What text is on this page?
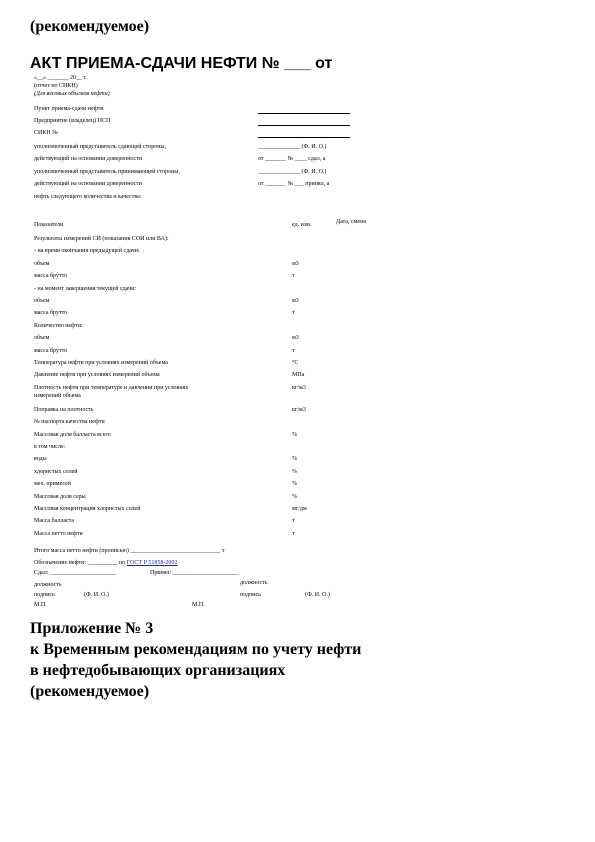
(рекомендуемое)
АКТ ПРИЕМА-СДАЧИ НЕФТИ № ___ от
«__» _______ 20__ г.
(отчет по СИКН)
(Для весовых объемов нефти)
Пункт приема-сдачи нефти
Предприятие (владелец) ПСП
СИКН №
уполномоченный представитель сдающей стороны,	______________ (Ф. И. О.)
действующий на основании доверенности	от _______ № ____ сдал, а
уполномоченный представитель принимающей стороны,	______________ (Ф. И. О.)
действующий на основании доверенности	от _______ № ___ принял, а
нефть следующего количества и качества:
Показатели	ед. изм.	Дата, смена
Результаты измерений СИ (показания СОИ или ВА):
- на время окончания предыдущей сдачи:
объем	м3
масса брутто	т
- на момент завершения текущей сдачи:
объем	м3
масса брутто	т
Количество нефти:
объем	м3
масса брутто	т
Температура нефти при условиях измерений объема	°С
Давление нефти при условиях измерений объема	МПа
Плотность нефти при температуре и давлении при условиях	кг/м3
измерений объема
Поправка на плотность	кг/м3
№ паспорта качества нефти
Массовая доля балласта всего	%
в том числе:
воды	%
хлористых солей	%
мех. примесей	%
Массовая доля серы	%
Массовая концентрация хлористых солей	мг/дм
Масса балласта	т
Масса нетто нефти	т
Итого масса нетто нефти (прописью) ______________________________ т
Обозначение нефти: __________ по ГОСТ Р 51858-2002
Сдал: ______________________	Принял: ______________________
должность	должность
подпись	(Ф. И. О.)	подпись	(Ф. И. О.)
М.П.	М.П.
Приложение № 3
к Временным рекомендациям по учету нефти
в нефтедобывающих организациях
(рекомендуемое)
